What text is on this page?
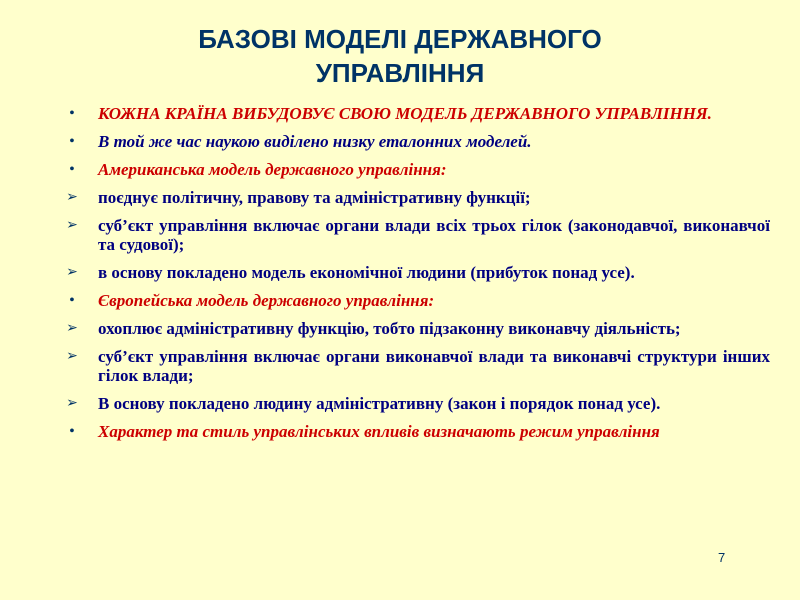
БАЗОВІ МОДЕЛІ ДЕРЖАВНОГО
УПРАВЛІННЯ
•	КОЖНА КРАЇНА ВИБУДОВУЄ СВОЮ МОДЕЛЬ ДЕРЖАВНОГО УПРАВЛІННЯ.
•	В той же час наукою виділено низку еталонних моделей.
•	Американська модель державного управління:
➢ поєднує політичну, правову та адміністративну функції;
➢ суб’єкт управління включає органи влади всіх трьох гілок (законодавчої, виконавчої та судової);
➢ в основу покладено модель економічної людини (прибуток понад усе).
•	Європейська модель державного управління:
➢ охоплює адміністративну функцію, тобто підзаконну виконавчу діяльність;
➢ суб’єкт управління включає органи виконавчої влади та виконавчі структури інших гілок влади;
➢ В основу покладено людину адміністративну (закон і порядок понад усе).
•	Характер та стиль управлінських впливів визначають режим управління
7
